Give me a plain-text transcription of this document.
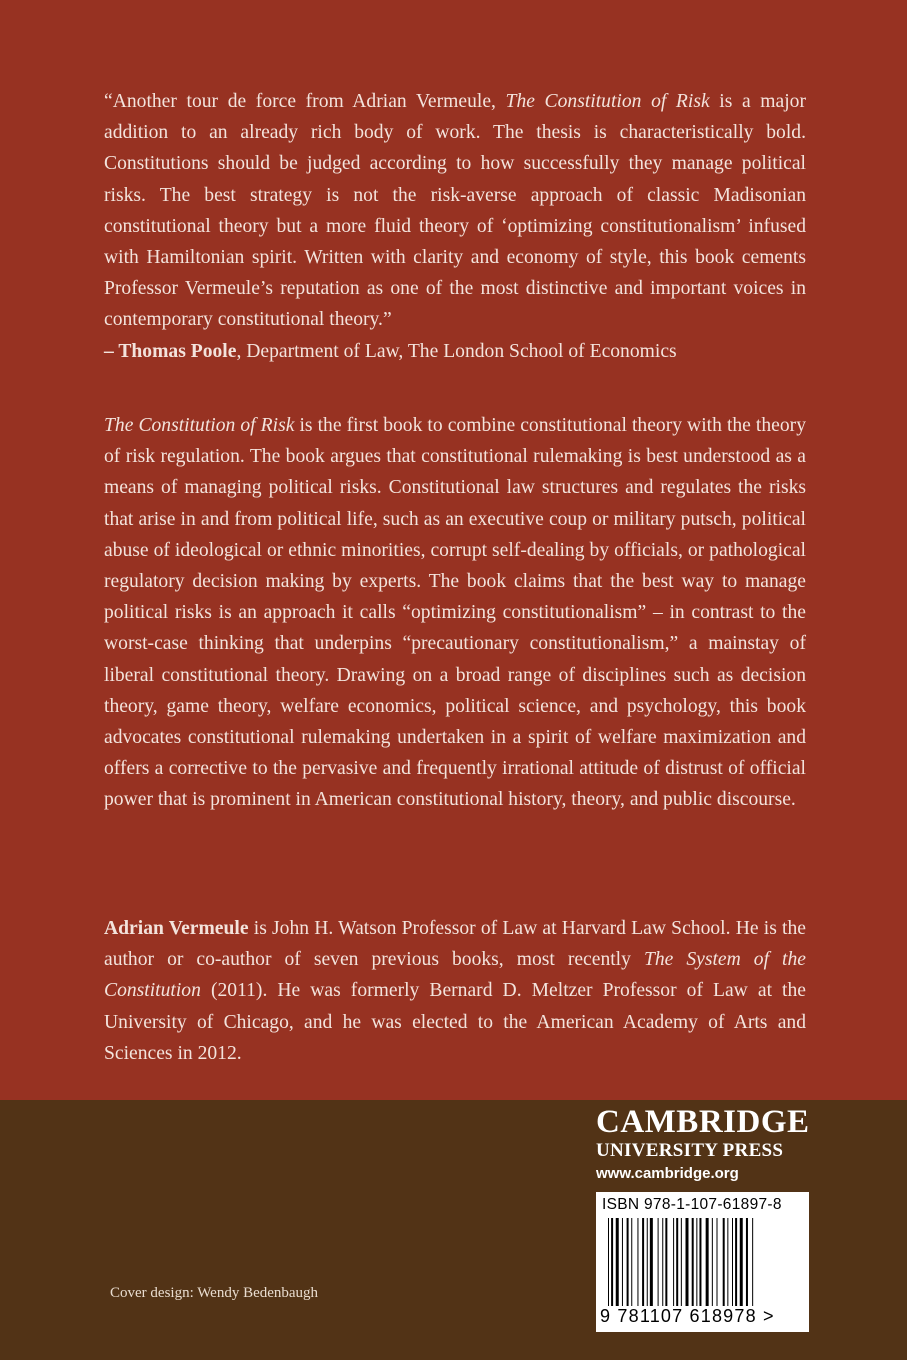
“Another tour de force from Adrian Vermeule, The Constitution of Risk is a major addition to an already rich body of work. The thesis is characteristically bold. Constitutions should be judged according to how successfully they manage political risks. The best strategy is not the risk-averse approach of classic Madisonian constitutional theory but a more fluid theory of ‘optimizing constitutionalism’ infused with Hamiltonian spirit. Written with clarity and economy of style, this book cements Professor Vermeule’s reputation as one of the most distinctive and important voices in contemporary constitutional theory.”

– Thomas Poole, Department of Law, The London School of Economics

The Constitution of Risk is the first book to combine constitutional theory with the theory of risk regulation. The book argues that constitutional rulemaking is best understood as a means of managing political risks. Constitutional law structures and regulates the risks that arise in and from political life, such as an executive coup or military putsch, political abuse of ideological or ethnic minorities, corrupt self-dealing by officials, or pathological regulatory decision making by experts. The book claims that the best way to manage political risks is an approach it calls “optimizing constitutionalism” – in contrast to the worst-case thinking that underpins “precautionary constitutionalism,” a mainstay of liberal constitutional theory. Drawing on a broad range of disciplines such as decision theory, game theory, welfare economics, political science, and psychology, this book advocates constitutional rulemaking undertaken in a spirit of welfare maximization and offers a corrective to the pervasive and frequently irrational attitude of distrust of official power that is prominent in American constitutional history, theory, and public discourse.

Adrian Vermeule is John H. Watson Professor of Law at Harvard Law School. He is the author or co-author of seven previous books, most recently The System of the Constitution (2011). He was formerly Bernard D. Meltzer Professor of Law at the University of Chicago, and he was elected to the American Academy of Arts and Sciences in 2012.

CAMBRIDGE
UNIVERSITY PRESS
www.cambridge.org
ISBN 978-1-107-61897-8
9 781107 618978 >
Cover design: Wendy Bedenbaugh
